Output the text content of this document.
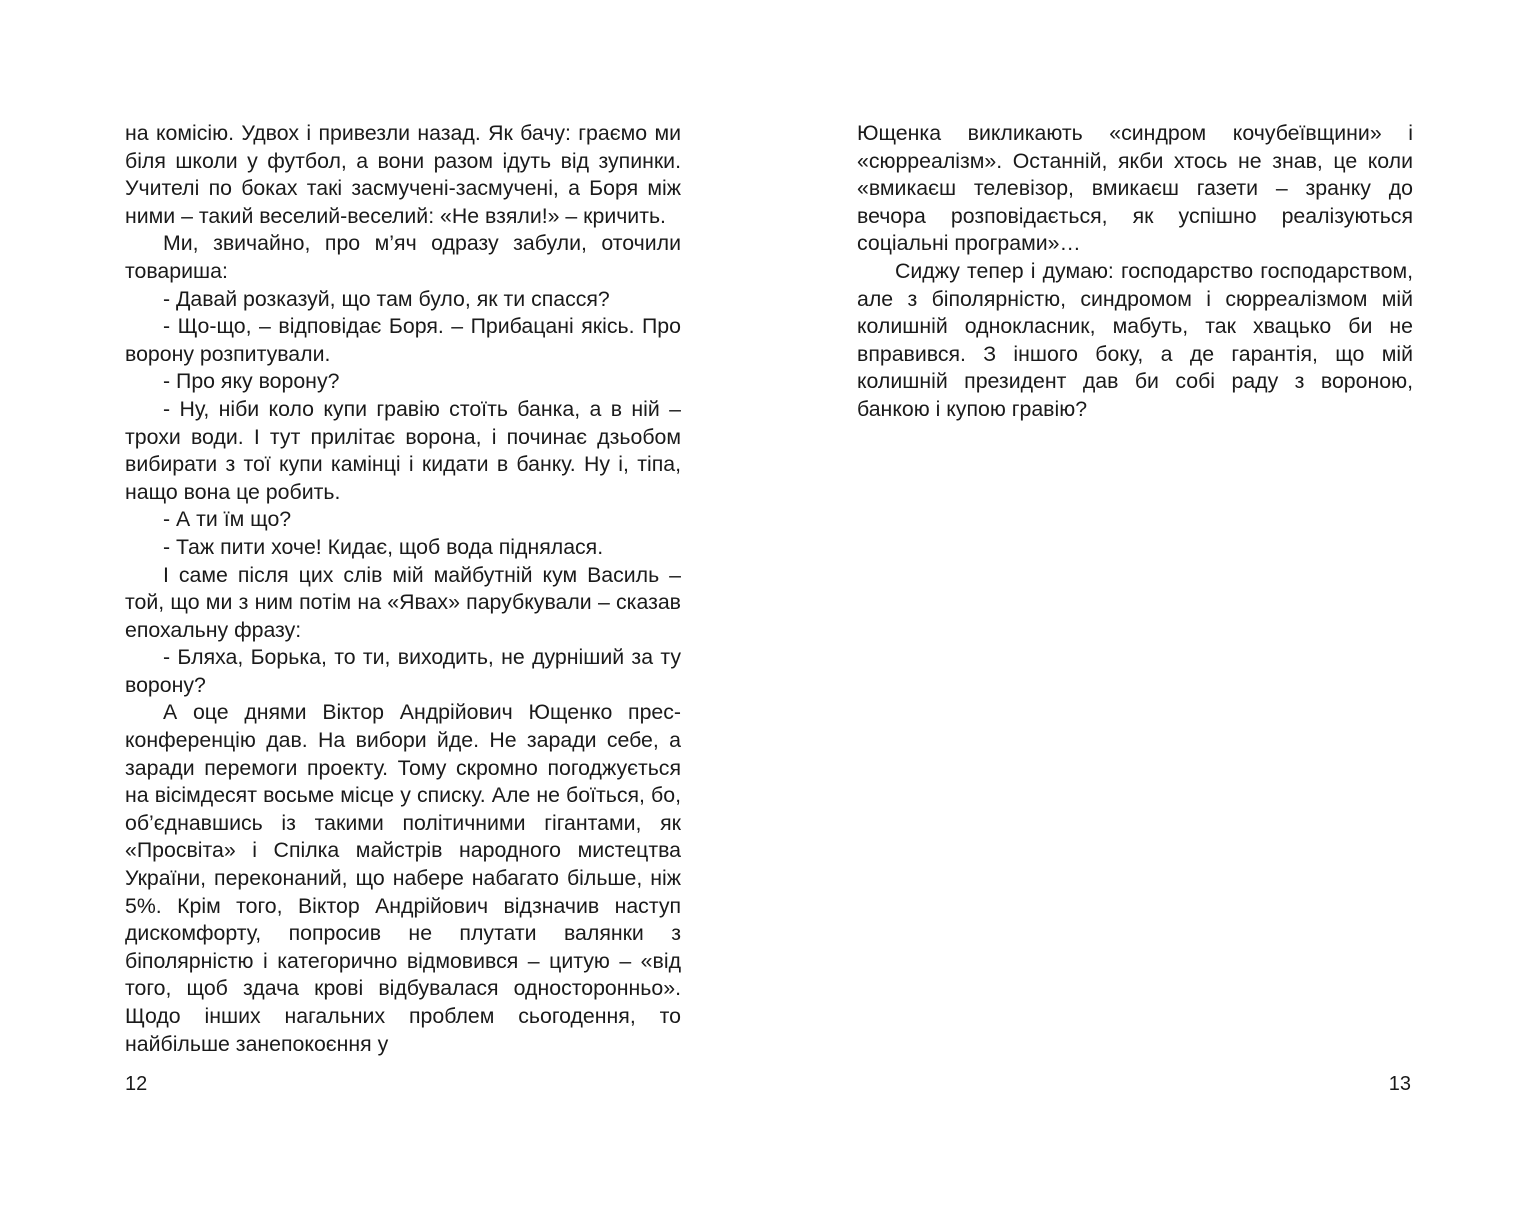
на комісію. Удвох і привезли назад. Як бачу: граємо ми біля школи у футбол, а вони разом ідуть від зупинки. Учителі по боках такі засмучені-засмучені, а Боря між ними – такий веселий-веселий: «Не взяли!» – кричить.

Ми, звичайно, про м’яч одразу забули, оточили товариша:

- Давай розказуй, що там було, як ти спасся?

- Що-що, – відповідає Боря. – Прибацані якісь. Про ворону розпитували.

- Про яку ворону?

- Ну, ніби коло купи гравію стоїть банка, а в ній – трохи води. І тут прилітає ворона, і починає дзьобом вибирати з тої купи камінці і кидати в банку. Ну і, тіпа, нащо вона це робить.

- А ти їм що?

- Таж пити хоче! Кидає, щоб вода піднялася.

І саме після цих слів мій майбутній кум Василь – той, що ми з ним потім на «Явах» парубкували – сказав епохальну фразу:

- Бляха, Борька, то ти, виходить, не дурніший за ту ворону?

А оце днями Віктор Андрійович Ющенко прес-конференцію дав. На вибори йде. Не заради себе, а заради перемоги проекту. Тому скромно погоджується на вісімдесят восьме місце у списку. Але не боїться, бо, об’єднавшись із такими політичними гігантами, як «Просвіта» і Спілка майстрів народного мистецтва України, переконаний, що набере набагато більше, ніж 5%. Крім того, Віктор Андрійович відзначив наступ дискомфорту, попросив не плутати валянки з біполярністю і категорично відмовився – цитую – «від того, щоб здача крові відбувалася односторонньо». Щодо інших нагальних проблем сьогодення, то найбільше занепокоєння у

12

Ющенка викликають «синдром кочубеївщини» і «сюрреалізм». Останній, якби хтось не знав, це коли «вмикаєш телевізор, вмикаєш газети – зранку до вечора розповідається, як успішно реалізуються соціальні програми»…

Сиджу тепер і думаю: господарство господарством, але з біполярністю, синдромом і сюрреалізмом мій колишній однокласник, мабуть, так хвацько би не вправився. З іншого боку, а де гарантія, що мій колишній президент дав би собі раду з вороною, банкою і купою гравію?

13
